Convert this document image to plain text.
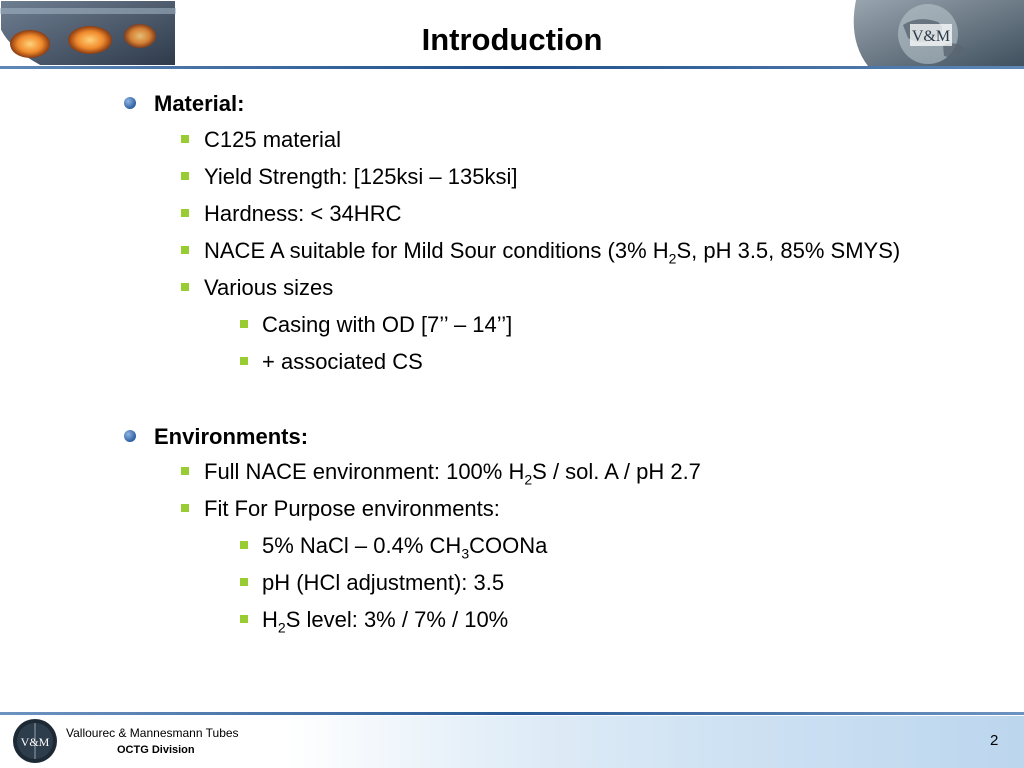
Introduction	V&M
Material:
C125 material
Yield Strength: [125ksi – 135ksi]
Hardness: < 34HRC
NACE A suitable for Mild Sour conditions (3% $H_2S$, pH 3.5, 85% SMYS)
Various sizes
Casing with OD [7’’ – 14’’]
+ associated CS
Environments:
Full NACE environment: 100% $H_2S$ / sol. A / pH 2.7
Fit For Purpose environments:
5% NaCl – 0.4% $CH_3COONa$
pH (HCl adjustment): 3.5
$H_2S$ level: 3% / 7% / 10%
V&M
Vallourec & Mannesmann Tubes
OCTG Division
2
